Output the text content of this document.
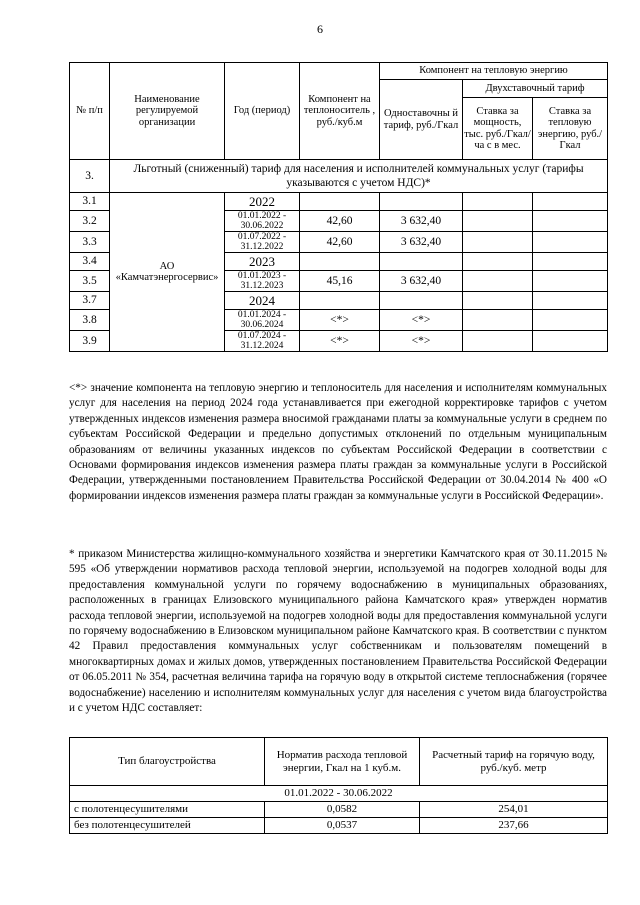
6
№ п/п	Наименование регулируемой организации	Год (период)	Компонент на теплоноситель , руб./куб.м	Компонент на тепловую энергию		
				Одноставочны й тариф, руб./Гкал	Двухставочный тариф	
					Ставка за мощность, тыс. руб./Гкал/ча с в мес.	Ставка за тепловую энергию, руб./Гкал
3.	Льготный (сниженный) тариф для населения и исполнителей коммунальных услуг (тарифы указываются с учетом НДС)*					
3.1	АО «Камчатэнергосервис»	2022				
3.2		01.01.2022 - 30.06.2022	42,60	3 632,40		
3.3		01.07.2022 - 31.12.2022	42,60	3 632,40		
3.4		2023				
3.5		01.01.2023 - 31.12.2023	45,16	3 632,40		
3.7		2024				
3.8		01.01.2024 - 30.06.2024	<*>	<*>		
3.9		01.07.2024 - 31.12.2024	<*>	<*>		

<*> значение компонента на тепловую энергию и теплоноситель для населения и исполнителям коммунальных услуг для населения на период 2024 года устанавливается при ежегодной корректировке тарифов с учетом утвержденных индексов изменения размера вносимой гражданами платы за коммунальные услуги в среднем по субъектам Российской Федерации и предельно допустимых отклонений по отдельным муниципальным образованиям от величины указанных индексов по субъектам Российской Федерации в соответствии с Основами формирования индексов изменения размера платы граждан за коммунальные услуги в Российской Федерации, утвержденными постановлением Правительства Российской Федерации от 30.04.2014 № 400 «О формировании индексов изменения размера платы граждан за коммунальные услуги в Российской Федерации».

* приказом Министерства жилищно-коммунального хозяйства и энергетики Камчатского края от 30.11.2015 № 595 «Об утверждении нормативов расхода тепловой энергии, используемой на подогрев холодной воды для предоставления коммунальной услуги по горячему водоснабжению в муниципальных образованиях, расположенных в границах Елизовского муниципального района Камчатского края» утвержден норматив расхода тепловой энергии, используемой на подогрев холодной воды для предоставления коммунальной услуги по горячему водоснабжению в Елизовском муниципальном районе Камчатского края. В соответствии с пунктом 42 Правил предоставления коммунальных услуг собственникам и пользователям помещений в многоквартирных домах и жилых домов, утвержденных постановлением Правительства Российской Федерации от 06.05.2011 № 354, расчетная величина тарифа на горячую воду в открытой системе теплоснабжения (горячее водоснабжение) населению и исполнителям коммунальных услуг для населения с учетом вида благоустройства и с учетом НДС составляет:

Тип благоустройства	Норматив расхода тепловой энергии, Гкал на 1 куб.м.	Расчетный тариф на горячую воду, руб./куб. метр
01.01.2022 - 30.06.2022		
с полотенцесушителями	0,0582	254,01
без полотенцесушителей	0,0537	237,66
